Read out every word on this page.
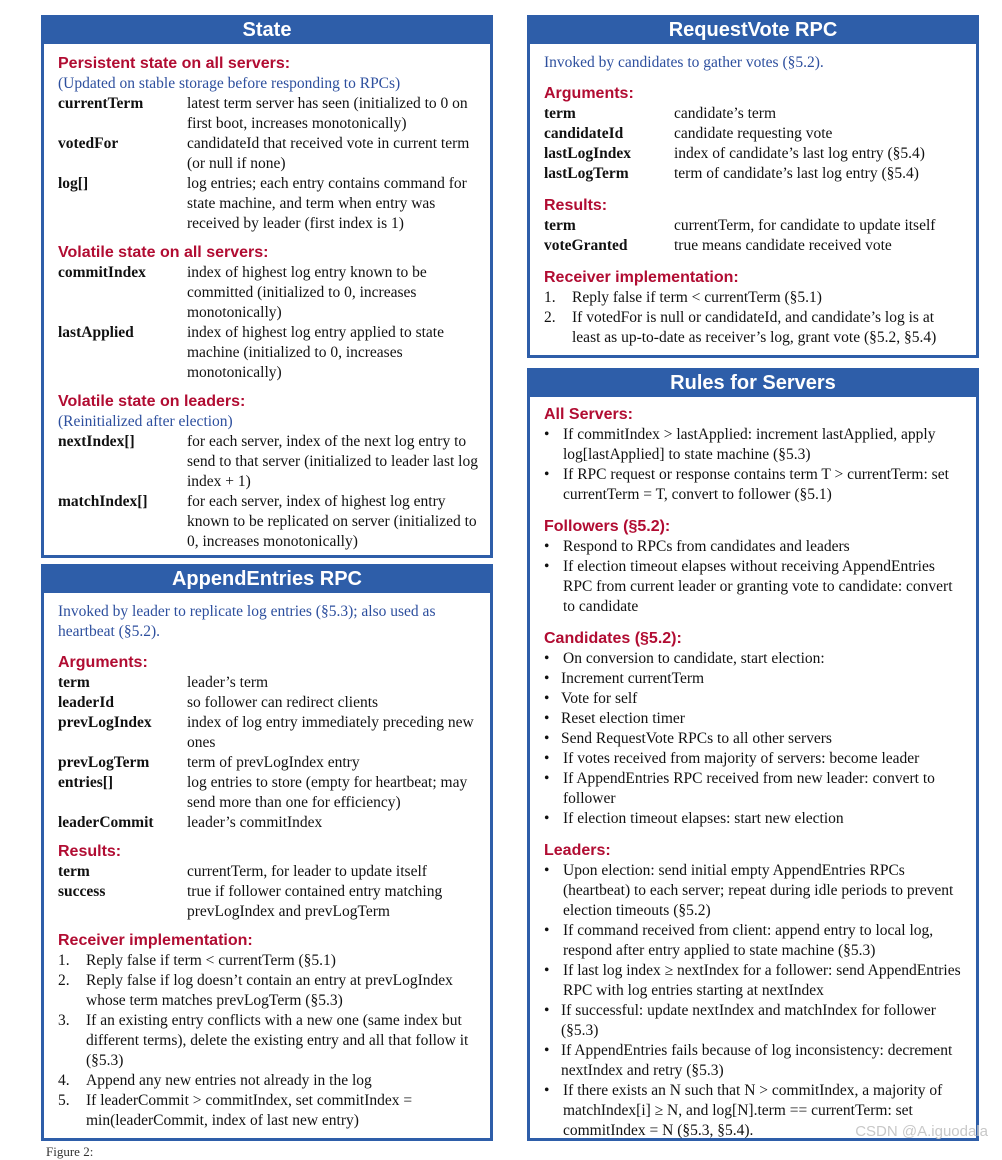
State
Persistent state on all servers:
(Updated on stable storage before responding to RPCs)
currentTerm	latest term server has seen (initialized to 0 on first boot, increases monotonically)
votedFor	candidateId that received vote in current term (or null if none)
log[]	log entries; each entry contains command for state machine, and term when entry was received by leader (first index is 1)
Volatile state on all servers:
commitIndex	index of highest log entry known to be committed (initialized to 0, increases monotonically)
lastApplied	index of highest log entry applied to state machine (initialized to 0, increases monotonically)
Volatile state on leaders:
(Reinitialized after election)
nextIndex[]	for each server, index of the next log entry to send to that server (initialized to leader last log index + 1)
matchIndex[]	for each server, index of highest log entry known to be replicated on server (initialized to 0, increases monotonically)
AppendEntries RPC
Invoked by leader to replicate log entries (§5.3); also used as heartbeat (§5.2).
Arguments:
term	leader’s term
leaderId	so follower can redirect clients
prevLogIndex	index of log entry immediately preceding new ones
prevLogTerm	term of prevLogIndex entry
entries[]	log entries to store (empty for heartbeat; may send more than one for efficiency)
leaderCommit	leader’s commitIndex
Results:
term	currentTerm, for leader to update itself
success	true if follower contained entry matching prevLogIndex and prevLogTerm
Receiver implementation:
1.	Reply false if term < currentTerm (§5.1)
2.	Reply false if log doesn’t contain an entry at prevLogIndex whose term matches prevLogTerm (§5.3)
3.	If an existing entry conflicts with a new one (same index but different terms), delete the existing entry and all that follow it (§5.3)
4.	Append any new entries not already in the log
5.	If leaderCommit > commitIndex, set commitIndex = min(leaderCommit, index of last new entry)
RequestVote RPC
Invoked by candidates to gather votes (§5.2).
Arguments:
term	candidate’s term
candidateId	candidate requesting vote
lastLogIndex	index of candidate’s last log entry (§5.4)
lastLogTerm	term of candidate’s last log entry (§5.4)
Results:
term	currentTerm, for candidate to update itself
voteGranted	true means candidate received vote
Receiver implementation:
1.	Reply false if term < currentTerm (§5.1)
2.	If votedFor is null or candidateId, and candidate’s log is at least as up-to-date as receiver’s log, grant vote (§5.2, §5.4)
Rules for Servers
All Servers:
• If commitIndex > lastApplied: increment lastApplied, apply log[lastApplied] to state machine (§5.3)
• If RPC request or response contains term T > currentTerm: set currentTerm = T, convert to follower (§5.1)
Followers (§5.2):
• Respond to RPCs from candidates and leaders
• If election timeout elapses without receiving AppendEntries RPC from current leader or granting vote to candidate: convert to candidate
Candidates (§5.2):
• On conversion to candidate, start election:
• Increment currentTerm
• Vote for self
• Reset election timer
• Send RequestVote RPCs to all other servers
• If votes received from majority of servers: become leader
• If AppendEntries RPC received from new leader: convert to follower
• If election timeout elapses: start new election
Leaders:
• Upon election: send initial empty AppendEntries RPCs (heartbeat) to each server; repeat during idle periods to prevent election timeouts (§5.2)
• If command received from client: append entry to local log, respond after entry applied to state machine (§5.3)
• If last log index ≥ nextIndex for a follower: send AppendEntries RPC with log entries starting at nextIndex
• If successful: update nextIndex and matchIndex for follower (§5.3)
• If AppendEntries fails because of log inconsistency: decrement nextIndex and retry (§5.3)
• If there exists an N such that N > commitIndex, a majority of matchIndex[i] ≥ N, and log[N].term == currentTerm: set commitIndex = N (§5.3, §5.4).
Figure 2:
CSDN @A.iguodala
